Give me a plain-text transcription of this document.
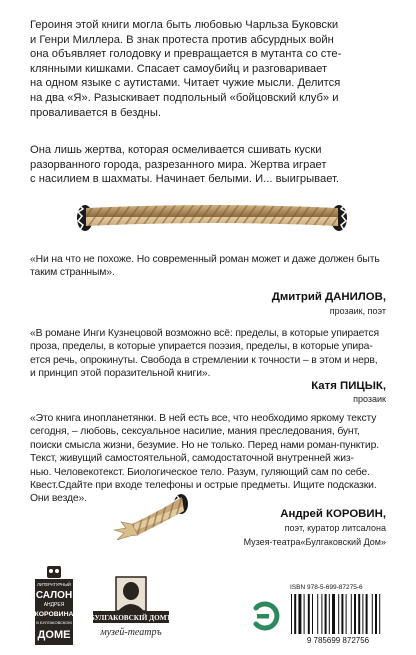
Героиня этой книги могла быть любовью Чарльза Буковски

и Генри Миллера. В знак протеста против абсурдных войн

она объявляет голодовку и превращается в мутанта со сте-

клянными кишками. Спасает самоубийц и разговаривает

на одном языке с аутистами. Читает чужие мысли. Делится

на два «Я». Разыскивает подпольный «бойцовский клуб» и

проваливается в бездны.

Она лишь жертва, которая осмеливается сшивать куски

разорванного города, разрезанного мира. Жертва играет

с насилием в шахматы. Начинает белыми. И... выигрывает.

«Ни на что не похоже. Но современный роман может и даже должен быть

таким странным».

Дмитрий ДАНИЛОВ,
прозаик, поэт

«В романе Инги Кузнецовой возможно всё: пределы, в которые упирается

проза, пределы, в которые упирается поэзия, пределы, в которые упира-

ется речь, опрокинуты. Свобода в стремлении к точности – в этом и нерв,

и принцип этой поразительной книги».

Катя ПИЦЫК,
прозаик

«Это книга инопланетянки. В ней есть все, что необходимо яркому тексту

сегодня, – любовь, сексуальное насилие, мания преследования, бунт,

поиски смысла жизни, безумие. Но не только. Перед нами роман-пунктир.

Текст, живущий самостоятельной, самодостаточной внутренней жиз-

нью. Человекотекст. Биологическое тело. Разум, гуляющий сам по себе.

Квест.Сдайте при входе телефоны и острые предметы. Ищите подсказки.

Они везде».

Андрей КОРОВИН,
поэт, куратор литсалона
Музея-театра«Булгаковский Дом»
ЛИТЕРАТУРНЫЙ
САЛОН
АНДРЕЯ
КОРОВИНА
В БУЛГАКОВСКОМ
ДОМЕ
БУЛГАКОВСКIЙ ДОМЪ
музей-театръ
ISBN 978-5-699-87275-6
9 785699 872756
